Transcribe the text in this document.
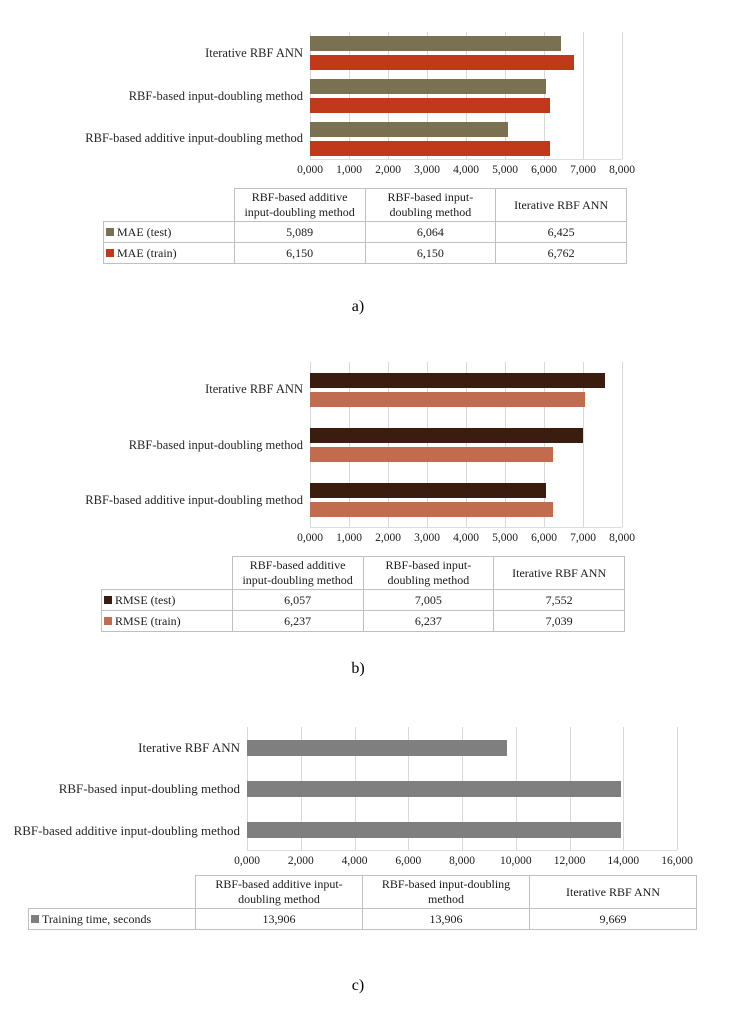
Iterative RBF ANN
RBF-based input-doubling method
RBF-based additive input-doubling method
0,000 1,000 2,000 3,000 4,000 5,000 6,000 7,000 8,000
	RBF-based additive input-doubling method	RBF-based input-doubling method	Iterative RBF ANN
MAE (test)	5,089	6,064	6,425
MAE (train)	6,150	6,150	6,762
a)
Iterative RBF ANN
RBF-based input-doubling method
RBF-based additive input-doubling method
0,000 1,000 2,000 3,000 4,000 5,000 6,000 7,000 8,000
	RBF-based additive input-doubling method	RBF-based input-doubling method	Iterative RBF ANN
RMSE (test)	6,057	7,005	7,552
RMSE (train)	6,237	6,237	7,039
b)
Iterative RBF ANN
RBF-based input-doubling method
RBF-based additive input-doubling method
0,000 2,000 4,000 6,000 8,000 10,000 12,000 14,000 16,000
	RBF-based additive input-doubling method	RBF-based input-doubling method	Iterative RBF ANN
Training time, seconds	13,906	13,906	9,669
c)
